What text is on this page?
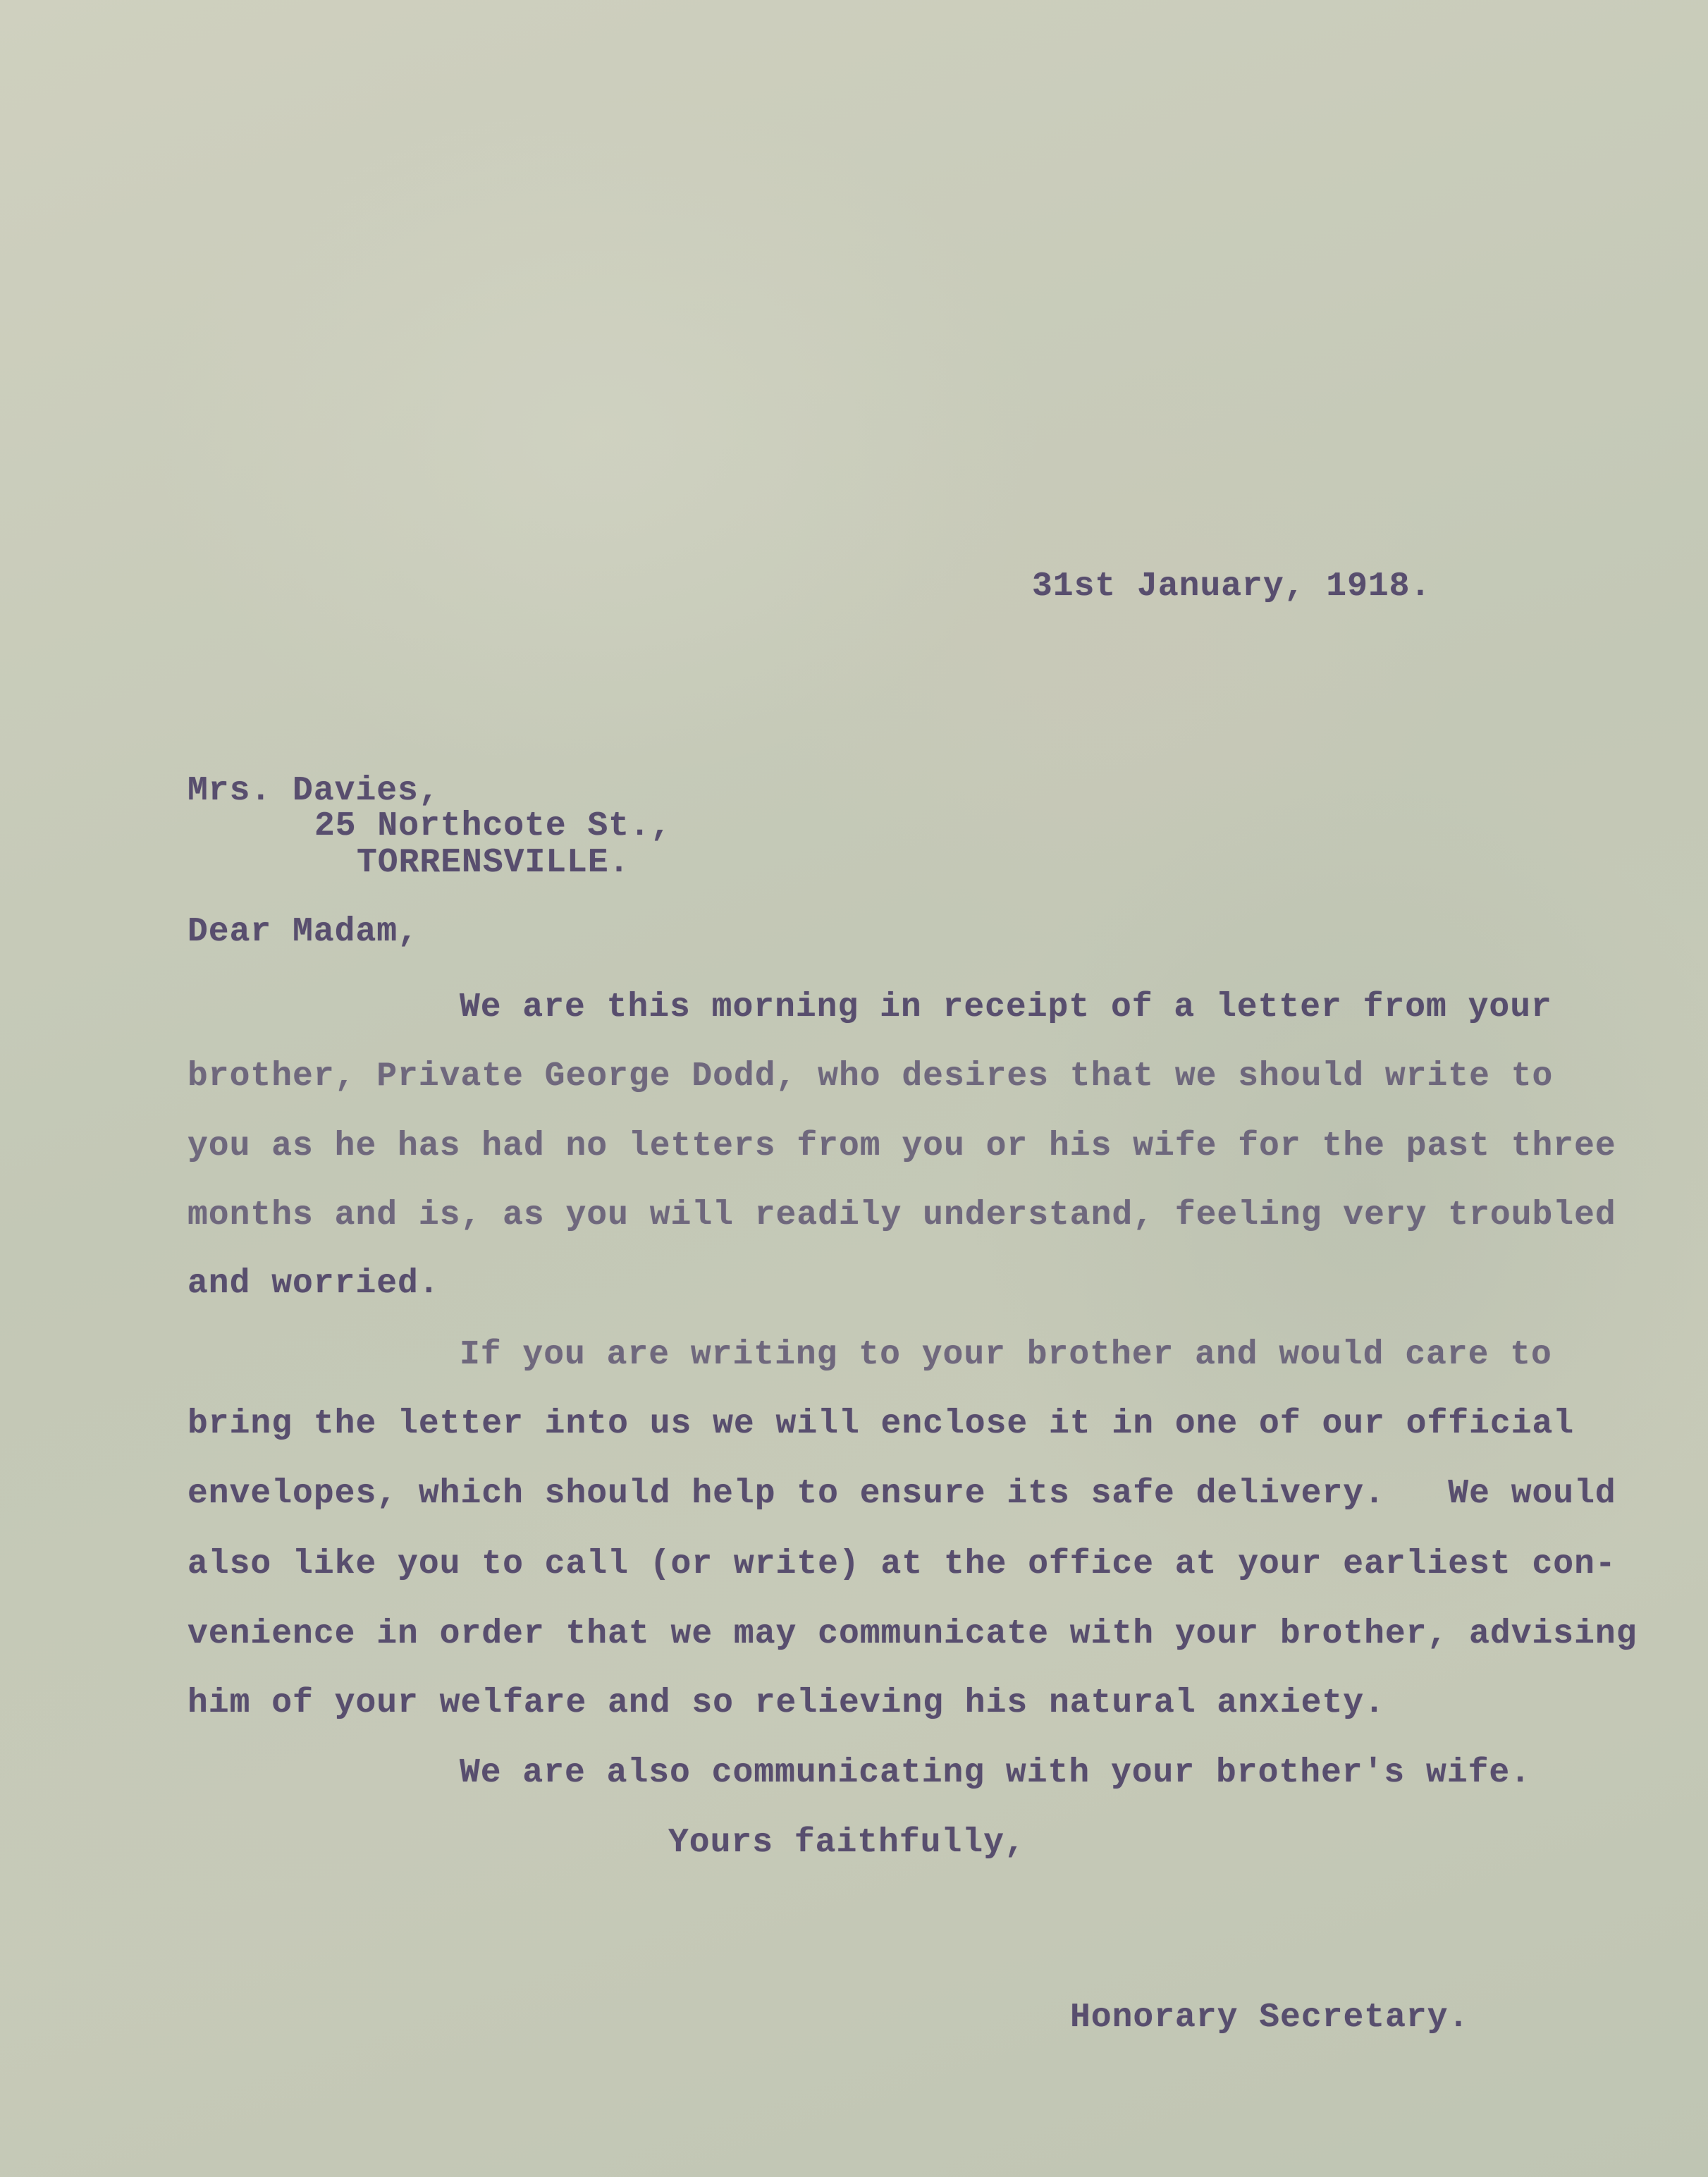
31st January, 1918.

Mrs. Davies,

25 Northcote St.,

TORRENSVILLE.

Dear Madam,

We are this morning in receipt of a letter from your

brother, Private George Dodd, who desires that we should write to

you as he has had no letters from you or his wife for the past three

months and is, as you will readily understand, feeling very troubled

and worried.

If you are writing to your brother and would care to

bring the letter into us we will enclose it in one of our official

envelopes, which should help to ensure its safe delivery.   We would

also like you to call (or write) at the office at your earliest con-

venience in order that we may communicate with your brother, advising

him of your welfare and so relieving his natural anxiety.

We are also communicating with your brother's wife.

Yours faithfully,

Honorary Secretary.
